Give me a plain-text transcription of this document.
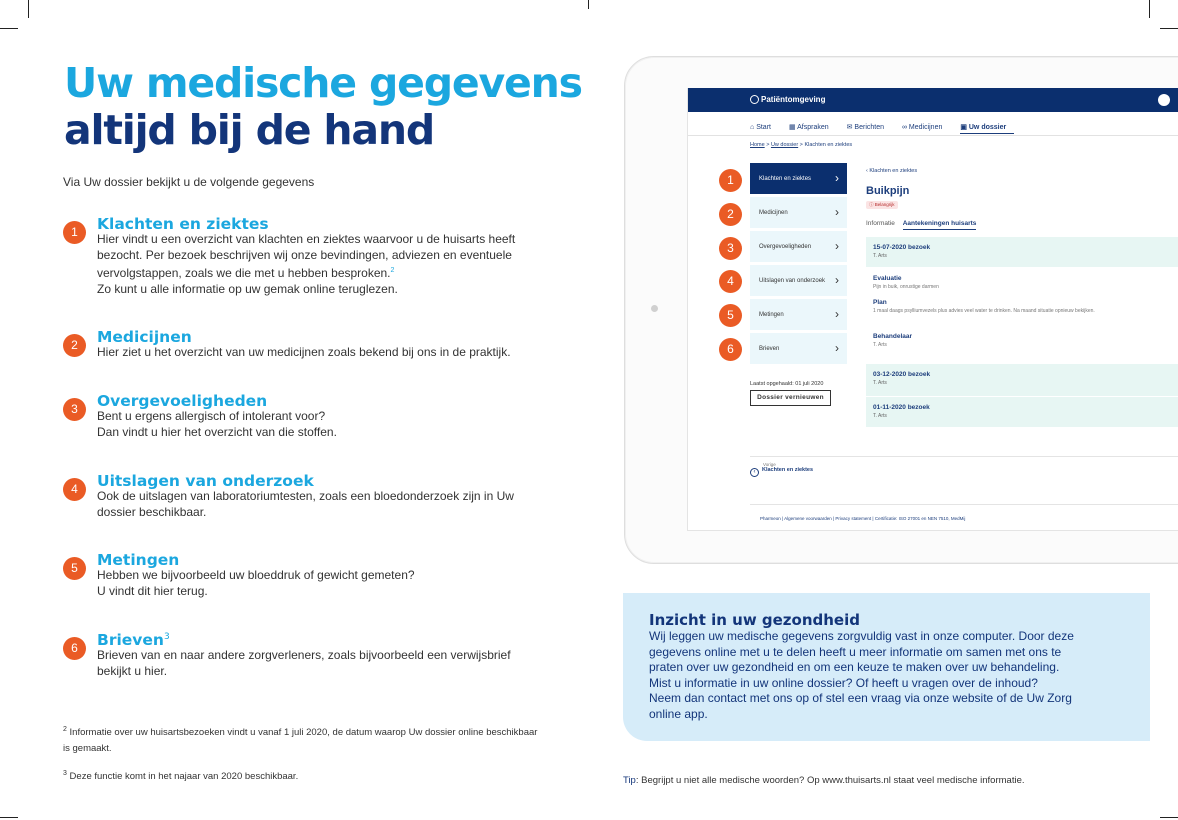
Uw medische gegevens
altijd bij de hand
Via Uw dossier bekijkt u de volgende gegevens
1	Klachten en ziektes
Hier vindt u een overzicht van klachten en ziektes waarvoor u de huisarts heeft
bezocht. Per bezoek beschrijven wij onze bevindingen, adviezen en eventuele
vervolgstappen, zoals we die met u hebben besproken.$^2$
Zo kunt u alle informatie op uw gemak online teruglezen.
2	Medicijnen
Hier ziet u het overzicht van uw medicijnen zoals bekend bij ons in de praktijk.
3	Overgevoeligheden
Bent u ergens allergisch of intolerant voor?
Dan vindt u hier het overzicht van die stoffen.
4	Uitslagen van onderzoek
Ook de uitslagen van laboratoriumtesten, zoals een bloedonderzoek zijn in Uw
dossier beschikbaar.
5	Metingen
Hebben we bijvoorbeeld uw bloeddruk of gewicht gemeten?
U vindt dit hier terug.
6	Brieven$^3$
Brieven van en naar andere zorgverleners, zoals bijvoorbeeld een verwijsbrief
bekijkt u hier.
$^2$ Informatie over uw huisartsbezoeken vindt u vanaf 1 juli 2020, de datum waarop Uw dossier online beschikbaar is gemaakt.
$^3$ Deze functie komt in het najaar van 2020 beschikbaar.
Patiëntomgeving
⌂ Start	▦ Afspraken	✉ Berichten	∞ Medicijnen	▣ Uw dossier
Home > Uw dossier > Klachten en ziektes
Klachten en ziektes ›
Medicijnen	›
Overgevoeligheden ›
Uitslagen van onderzoek ›
Metingen	›
Brieven	›
Laatst opgehaald: 01 juli 2020
Dossier vernieuwen
‹ Klachten en ziektes
Buikpijn
ⓘ Belangrijk
Informatie Aantekeningen huisarts
15-07-2020 bezoek
T. Arts
Evaluatie
Pijn in buik, onrustige darmen
Plan
1 maal daags psylliumvezels plus advies veel water te drinken. Na maand situatie opnieuw bekijken.
Behandelaar
T. Arts
03-12-2020 bezoek
T. Arts
01-11-2020 bezoek
T. Arts
Vorige
‹ Klachten en ziektes
Pharmeon | Algemene voorwaarden | Privacy statement | Certificatie: ISO 27001 en NEN 7510, MedMij
1
2
3
4
5
6
Inzicht in uw gezondheid
Wij leggen uw medische gegevens zorgvuldig vast in onze computer. Door deze
gegevens online met u te delen heeft u meer informatie om samen met ons te
praten over uw gezondheid en om een keuze te maken over uw behandeling.
Mist u informatie in uw online dossier? Of heeft u vragen over de inhoud?
Neem dan contact met ons op of stel een vraag via onze website of de Uw Zorg
online app.
Tip: Begrijpt u niet alle medische woorden? Op www.thuisarts.nl staat veel medische informatie.
